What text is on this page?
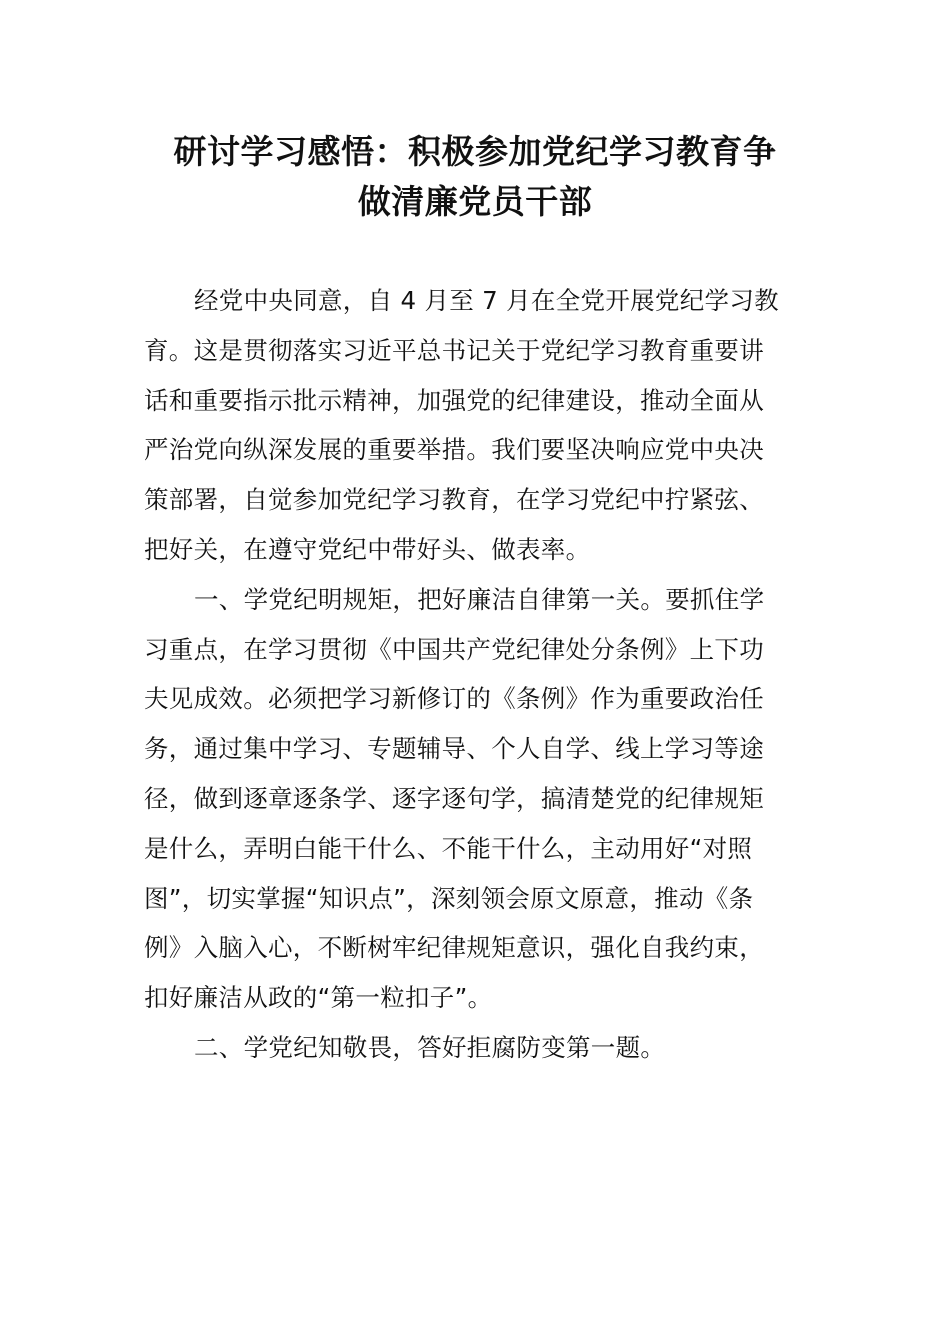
研讨学习感悟：积极参加党纪学习教育争
做清廉党员干部
经党中央同意，自 4 月至 7 月在全党开展党纪学习教
育。这是贯彻落实习近平总书记关于党纪学习教育重要讲
话和重要指示批示精神，加强党的纪律建设，推动全面从
严治党向纵深发展的重要举措。我们要坚决响应党中央决
策部署，自觉参加党纪学习教育，在学习党纪中拧紧弦、
把好关，在遵守党纪中带好头、做表率。
一、学党纪明规矩，把好廉洁自律第一关。要抓住学
习重点，在学习贯彻《中国共产党纪律处分条例》上下功
夫见成效。必须把学习新修订的《条例》作为重要政治任
务，通过集中学习、专题辅导、个人自学、线上学习等途
径，做到逐章逐条学、逐字逐句学，搞清楚党的纪律规矩
是什么，弄明白能干什么、不能干什么，主动用好“对照
图”，切实掌握“知识点”，深刻领会原文原意，推动《条
例》入脑入心，不断树牢纪律规矩意识，强化自我约束，
扣好廉洁从政的“第一粒扣子”。
二、学党纪知敬畏，答好拒腐防变第一题。
